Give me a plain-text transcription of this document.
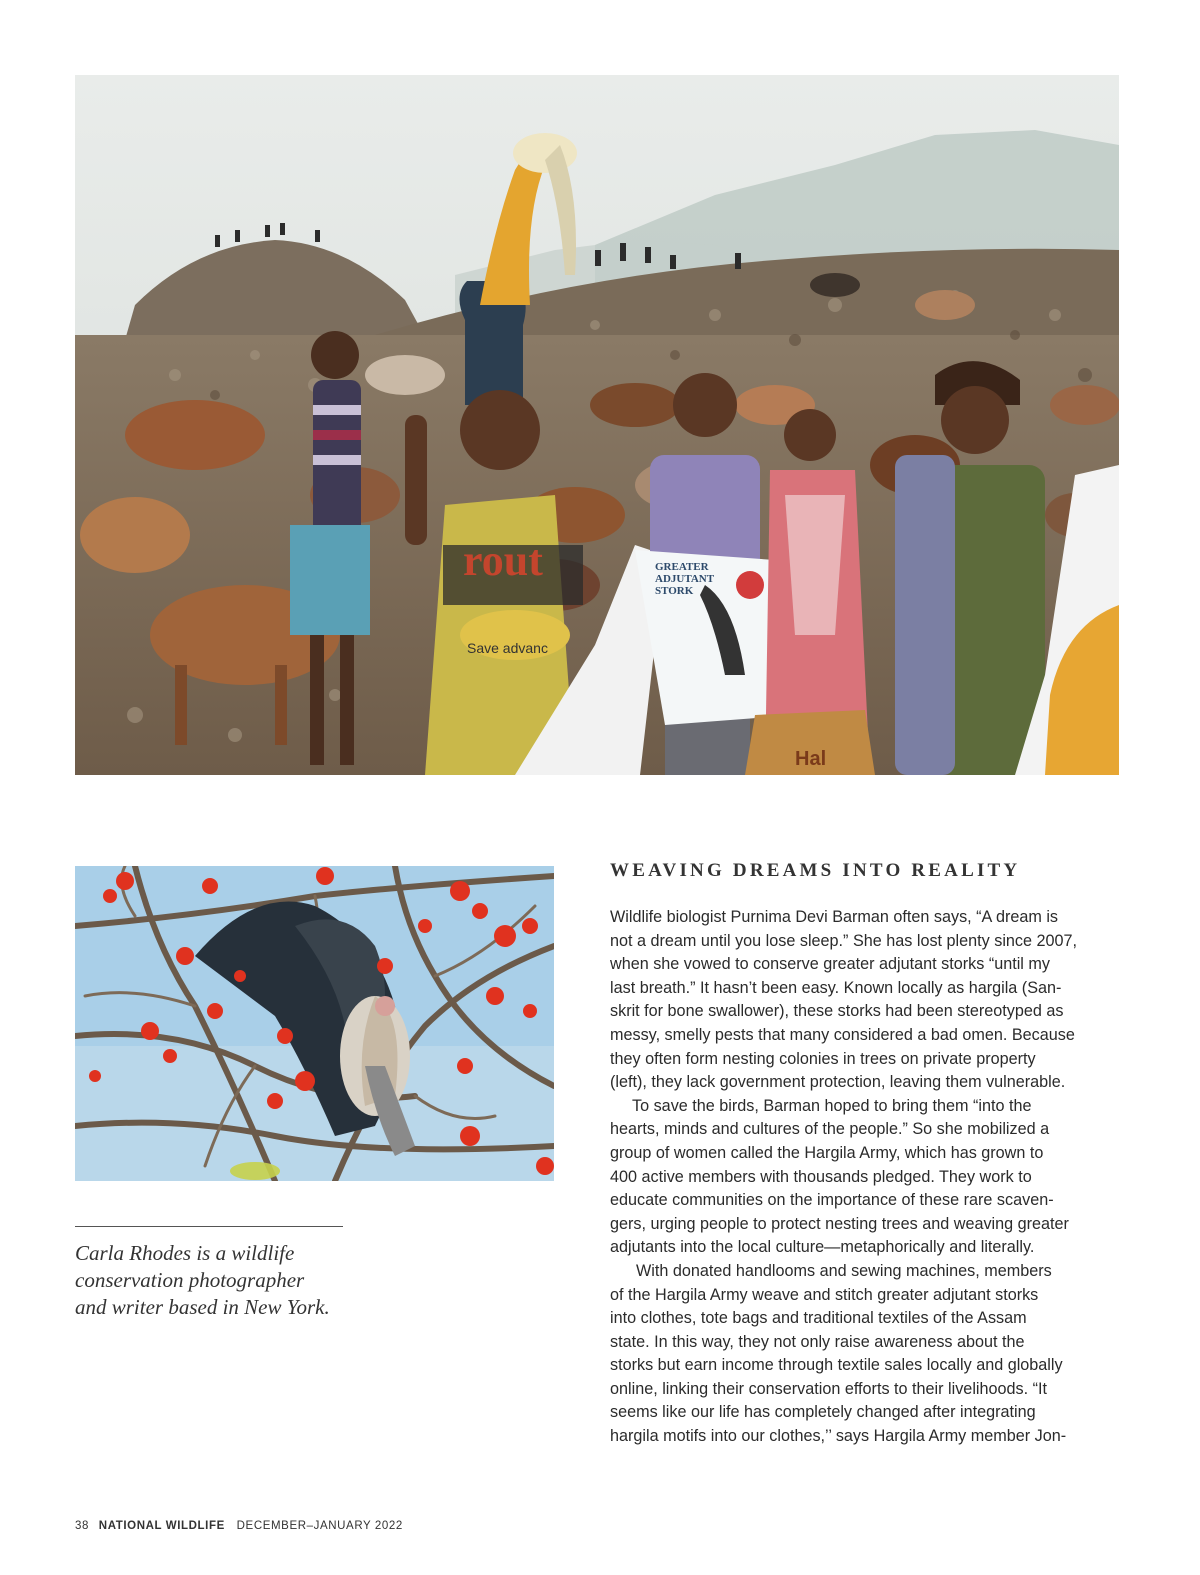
rout
Save advanc
GREATER
ADJUTANT
STORK
Hal
Carla Rhodes is a wildlife
conservation photographer
and writer based in New York.
WEAVING DREAMS INTO REALITY
Wildlife biologist Purnima Devi Barman often says, “A dream is
not a dream until you lose sleep.” She has lost plenty since 2007,
when she vowed to conserve greater adjutant storks “until my
last breath.” It hasn’t been easy. Known locally as hargila (San-
skrit for bone swallower), these storks had been stereotyped as
messy, smelly pests that many considered a bad omen. Because
they often form nesting colonies in trees on private property
(left), they lack government protection, leaving them vulnerable.
To save the birds, Barman hoped to bring them “into the
hearts, minds and cultures of the people.” So she mobilized a
group of women called the Hargila Army, which has grown to
400 active members with thousands pledged. They work to
educate communities on the importance of these rare scaven-
gers, urging people to protect nesting trees and weaving greater
adjutants into the local culture—metaphorically and literally.
With donated handlooms and sewing machines, members
of the Hargila Army weave and stitch greater adjutant storks
into clothes, tote bags and traditional textiles of the Assam
state. In this way, they not only raise awareness about the
storks but earn income through textile sales locally and globally
online, linking their conservation efforts to their livelihoods. “It
seems like our life has completely changed after integrating
hargila motifs into our clothes,’’ says Hargila Army member Jon-
38 NATIONAL WILDLIFE DECEMBER–JANUARY 2022
